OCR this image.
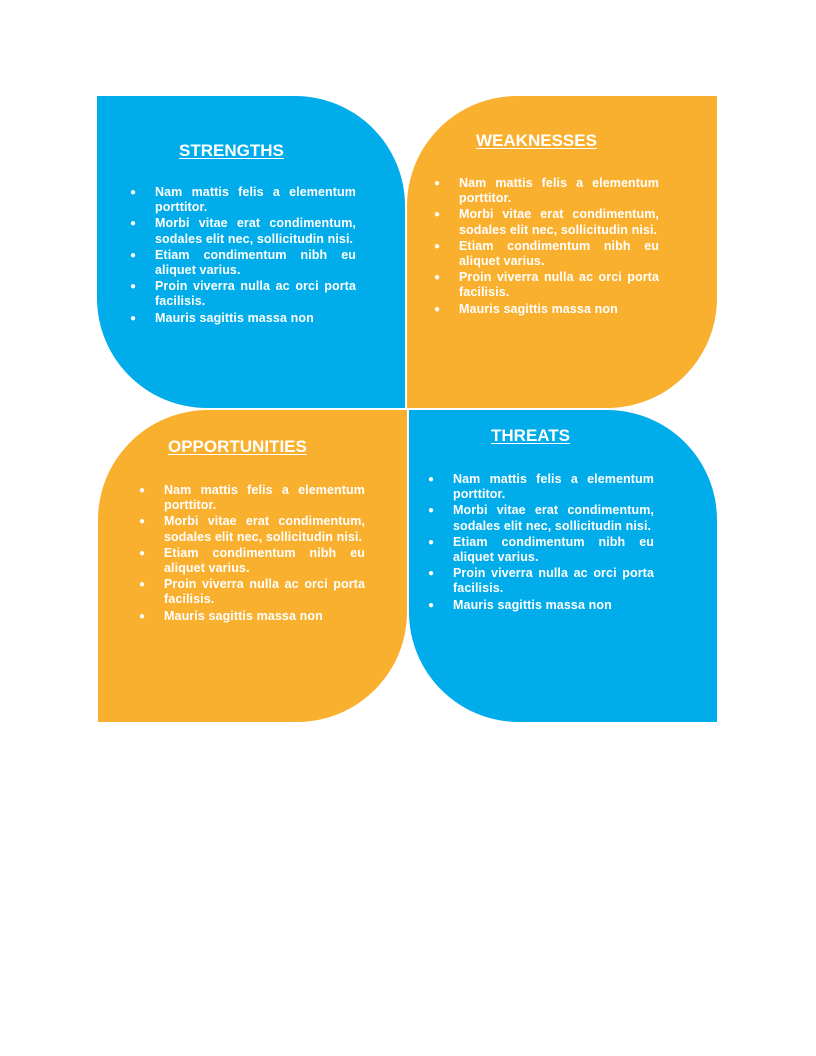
STRENGTHS
● Nam mattis felis a elementum porttitor.
● Morbi vitae erat condimentum, sodales elit nec, sollicitudin nisi.
● Etiam condimentum nibh eu aliquet varius.
● Proin viverra nulla ac orci porta facilisis.
● Mauris sagittis massa non
WEAKNESSES
● Nam mattis felis a elementum porttitor.
● Morbi vitae erat condimentum, sodales elit nec, sollicitudin nisi.
● Etiam condimentum nibh eu aliquet varius.
● Proin viverra nulla ac orci porta facilisis.
● Mauris sagittis massa non
OPPORTUNITIES
● Nam mattis felis a elementum porttitor.
● Morbi vitae erat condimentum, sodales elit nec, sollicitudin nisi.
● Etiam condimentum nibh eu aliquet varius.
● Proin viverra nulla ac orci porta facilisis.
● Mauris sagittis massa non
THREATS
● Nam mattis felis a elementum porttitor.
● Morbi vitae erat condimentum, sodales elit nec, sollicitudin nisi.
● Etiam condimentum nibh eu aliquet varius.
● Proin viverra nulla ac orci porta facilisis.
● Mauris sagittis massa non
